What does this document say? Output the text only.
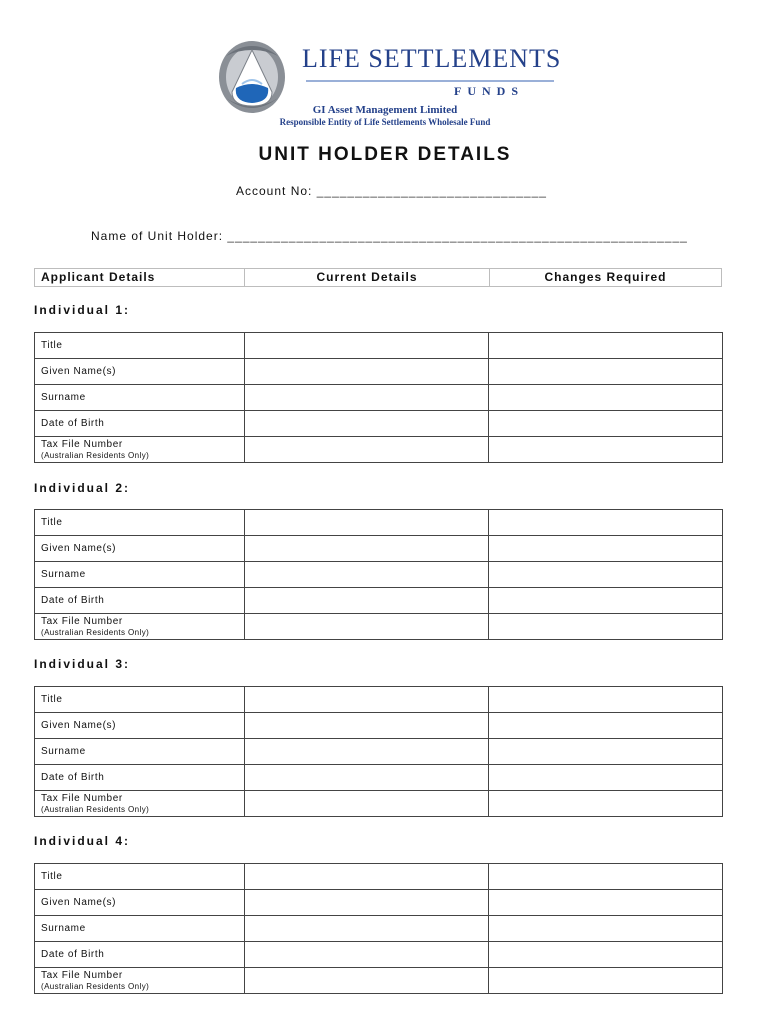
LIFE SETTLEMENTS
FUNDS
GI Asset Management Limited
Responsible Entity of Life Settlements Wholesale Fund
UNIT HOLDER DETAILS
Account No: ______________________________
Name of Unit Holder: ____________________________________________________________
Applicant Details	Current Details	Changes Required
Individual 1:
Title		
Given Name(s)		
Surname		
Date of Birth		
Tax File Number
(Australian Residents Only)		

Individual 2:
Title		
Given Name(s)		
Surname		
Date of Birth		
Tax File Number
(Australian Residents Only)		

Individual 3:
Title		
Given Name(s)		
Surname		
Date of Birth		
Tax File Number
(Australian Residents Only)		

Individual 4:
Title		
Given Name(s)		
Surname		
Date of Birth		
Tax File Number
(Australian Residents Only)		
